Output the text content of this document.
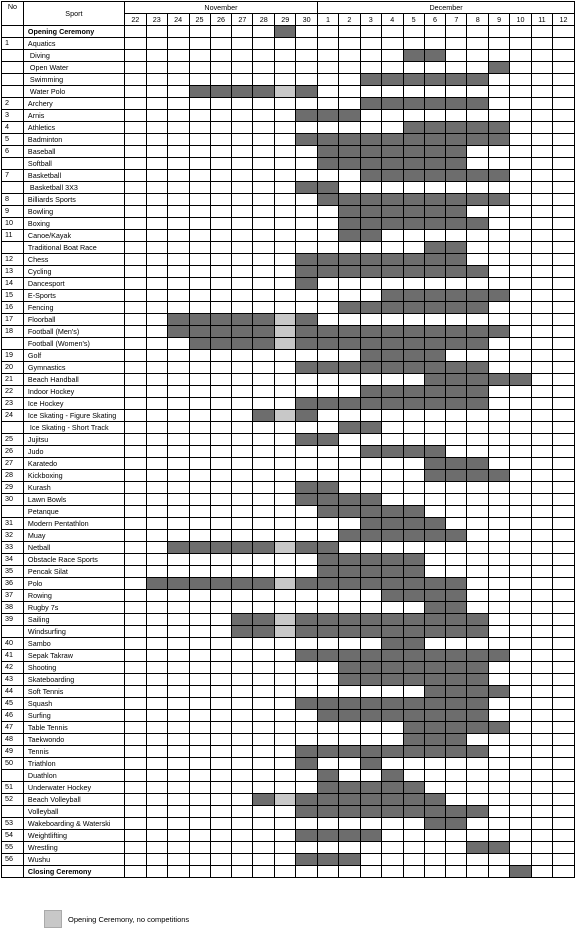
No	Sport	November									December											
		22	23	24	25	26	27	28	29	30	1	2	3	4	5	6	7	8	9	10	11	12
	Opening Ceremony																					
1	Aquatics																					
	Diving																					
	Open Water																					
	Swimming																					
	Water Polo																					
2	Archery																					
3	Arnis																					
4	Athletics																					
5	Badminton																					
6	Baseball																					
	Softball																					
7	Basketball																					
	Basketball 3X3																					
8	Billiards Sports																					
9	Bowling																					
10	Boxing																					
11	Canoe/Kayak																					
	Traditional Boat Race																					
12	Chess																					
13	Cycling																					
14	Dancesport																					
15	E-Sports																					
16	Fencing																					
17	Floorball																					
18	Football (Men's)																					
	Football (Women's)																					
19	Golf																					
20	Gymnastics																					
21	Beach Handball																					
22	Indoor Hockey																					
23	Ice Hockey																					
24	Ice Skating - Figure Skating																					
	Ice Skating - Short Track																					
25	Jujitsu																					
26	Judo																					
27	Karatedo																					
28	Kickboxing																					
29	Kurash																					
30	Lawn Bowls																					
	Petanque																					
31	Modern Pentathlon																					
32	Muay																					
33	Netball																					
34	Obstacle Race Sports																					
35	Pencak Silat																					
36	Polo																					
37	Rowing																					
38	Rugby 7s																					
39	Sailing																					
	Windsurfing																					
40	Sambo																					
41	Sepak Takraw																					
42	Shooting																					
43	Skateboarding																					
44	Soft Tennis																					
45	Squash																					
46	Surfing																					
47	Table Tennis																					
48	Taekwondo																					
49	Tennis																					
50	Triathlon																					
	Duathlon																					
51	Underwater Hockey																					
52	Beach Volleyball																					
	Volleyball																					
53	Wakeboarding & Waterski																					
54	Weightlifting																					
55	Wrestling																					
56	Wushu																					
	Closing Ceremony																					
Opening Ceremony, no competitions
